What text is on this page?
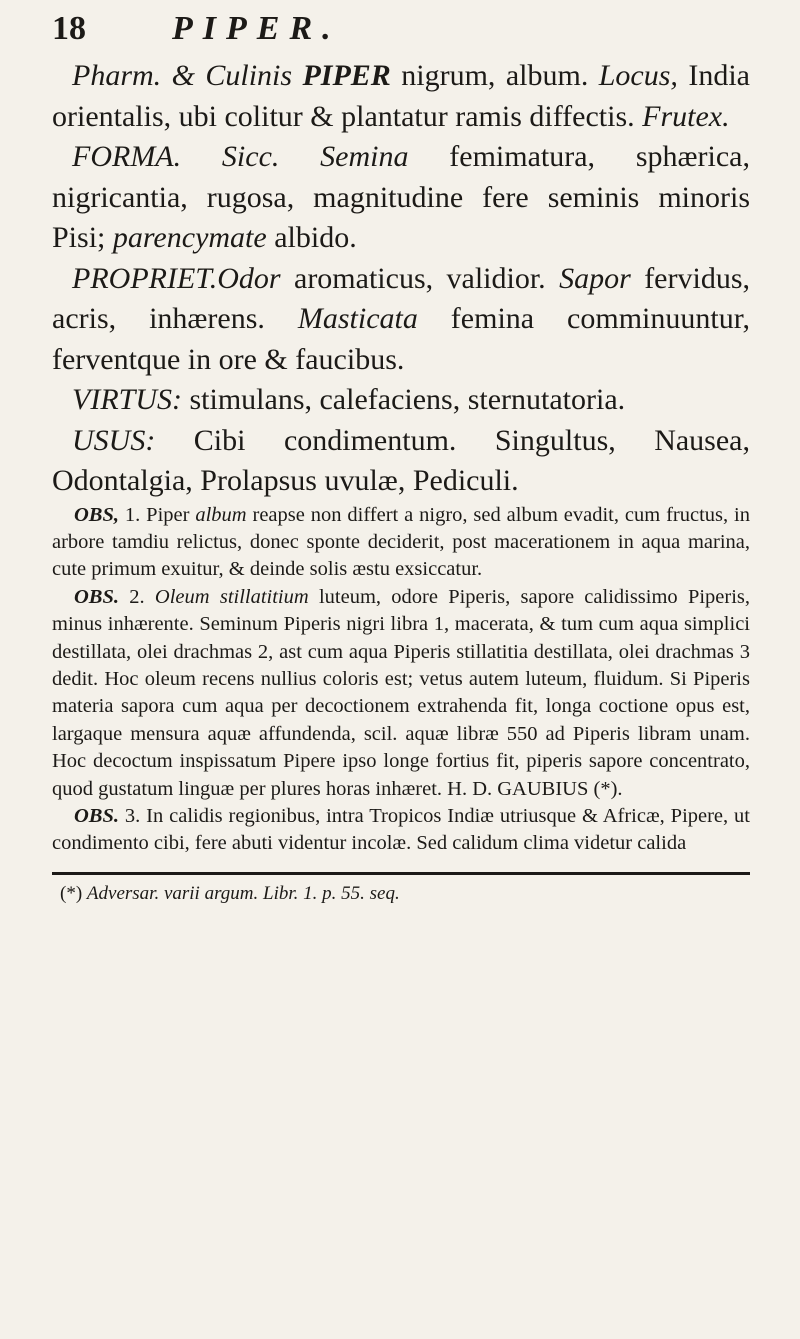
18	PIPER.

Pharm. & Culinis PIPER nigrum, album. Locus, India orientalis, ubi colitur & plantatur ramis diffectis. Frutex.

FORMA. Sicc. Semina femimatura, sphærica, nigricantia, rugosa, magnitudine fere seminis minoris Pisi; parencymate albido.

PROPRIET.Odor aromaticus, validior. Sapor fervidus, acris, inhærens. Masticata femina comminuuntur, ferventque in ore & faucibus.

VIRTUS: stimulans, calefaciens, sternutatoria.

USUS: Cibi condimentum. Singultus, Nausea, Odontalgia, Prolapsus uvulæ, Pediculi.

OBS, 1. Piper album reapse non differt a nigro, sed album evadit, cum fructus, in arbore tamdiu relictus, donec sponte deciderit, post macerationem in aqua marina, cute primum exuitur, & deinde solis æstu exsiccatur.

OBS. 2. Oleum stillatitium luteum, odore Piperis, sapore calidissimo Piperis, minus inhærente. Seminum Piperis nigri libra 1, macerata, & tum cum aqua simplici destillata, olei drachmas 2, ast cum aqua Piperis stillatitia destillata, olei drachmas 3 dedit. Hoc oleum recens nullius coloris est; vetus autem luteum, fluidum. Si Piperis materia sapora cum aqua per decoctionem extrahenda fit, longa coctione opus est, largaque mensura aquæ affundenda, scil. aquæ libræ 550 ad Piperis libram unam. Hoc decoctum inspissatum Pipere ipso longe fortius fit, piperis sapore concentrato, quod gustatum linguæ per plures horas inhæret. H. D. GAUBIUS (*).

OBS. 3. In calidis regionibus, intra Tropicos Indiæ utriusque & Africæ, Pipere, ut condimento cibi, fere abuti videntur incolæ. Sed calidum clima videtur calida

(*) Adversar. varii argum. Libr. 1. p. 55. seq.
